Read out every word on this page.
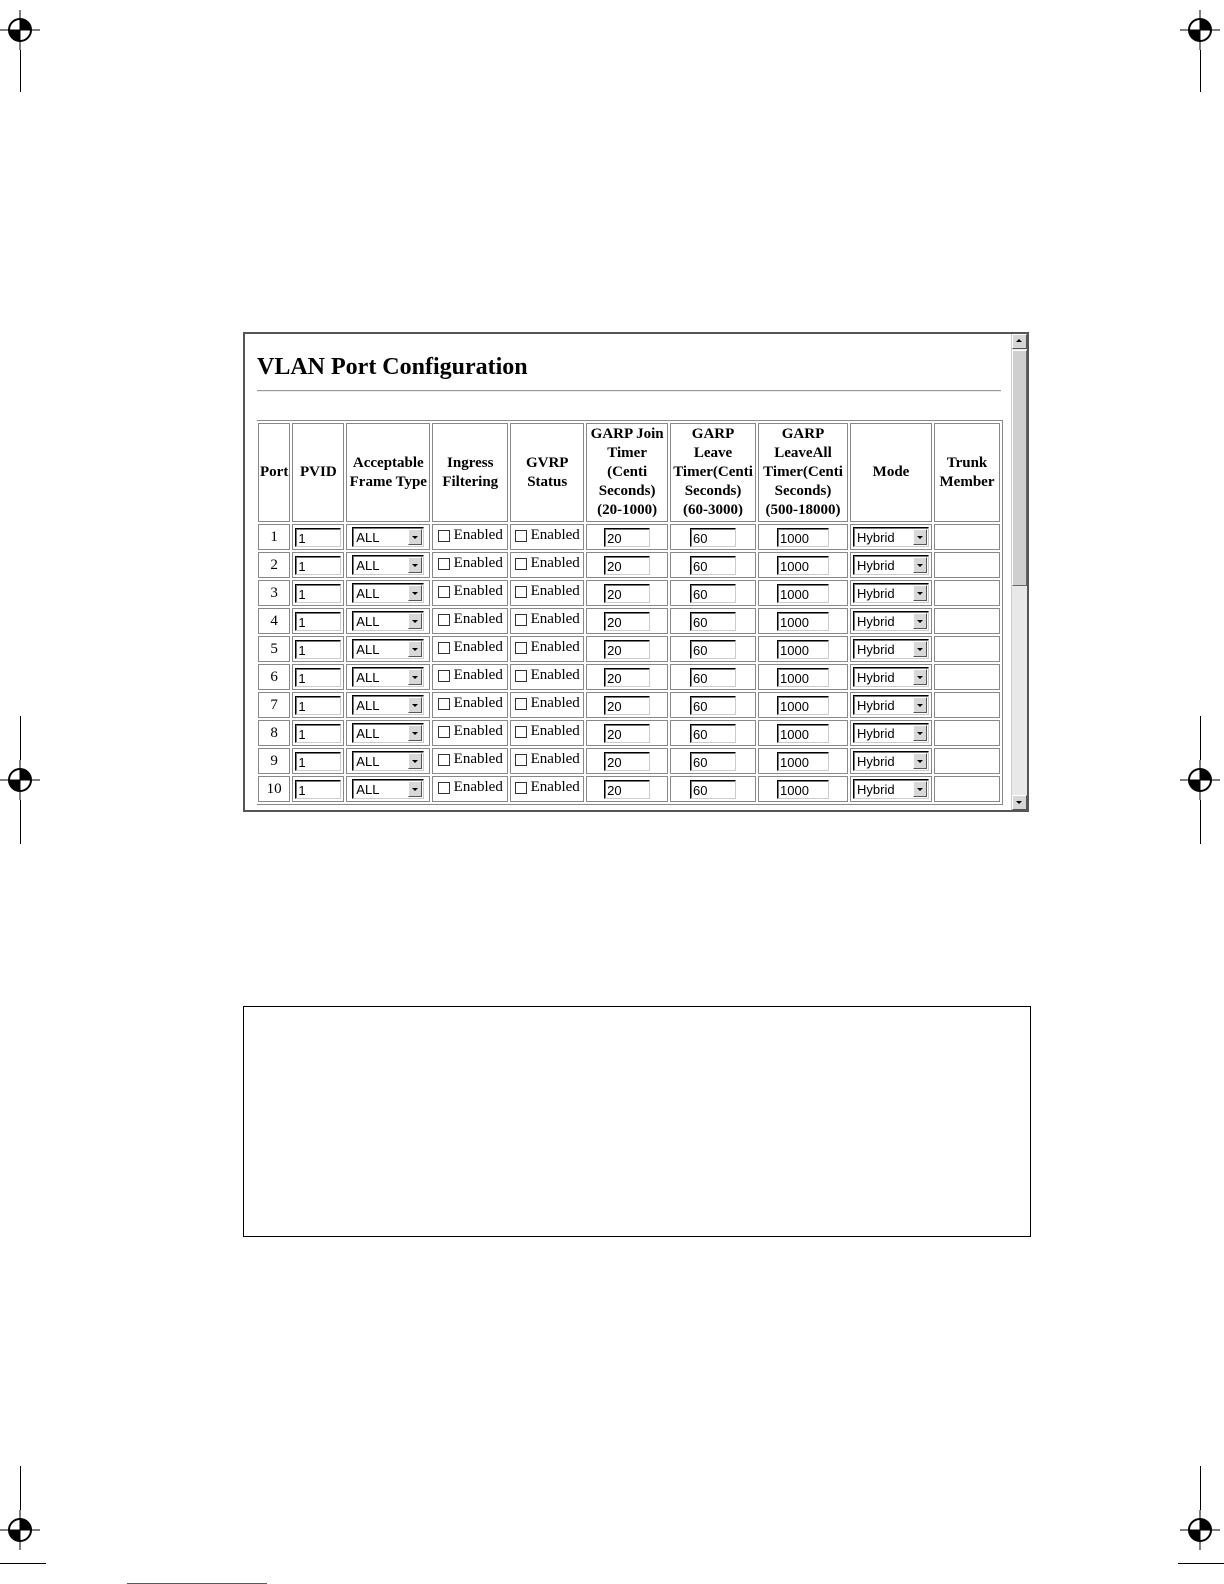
VLAN Port Configuration
Port	PVID	Acceptable
Frame Type	Ingress
Filtering	GVRP
Status	GARP Join
Timer
(Centi
Seconds)
(20-1000)	GARP
Leave
Timer(Centi
Seconds)
(60-3000)	GARP
LeaveAll
Timer(Centi
Seconds)
(500-18000)	Mode	Trunk
Member
1	1	ALL	Enabled	Enabled	20	60	1000	Hybrid	

2	1	ALL	Enabled	Enabled	20	60	1000	Hybrid	

3	1	ALL	Enabled	Enabled	20	60	1000	Hybrid	

4	1	ALL	Enabled	Enabled	20	60	1000	Hybrid	

5	1	ALL	Enabled	Enabled	20	60	1000	Hybrid	

6	1	ALL	Enabled	Enabled	20	60	1000	Hybrid	

7	1	ALL	Enabled	Enabled	20	60	1000	Hybrid	

8	1	ALL	Enabled	Enabled	20	60	1000	Hybrid	

9	1	ALL	Enabled	Enabled	20	60	1000	Hybrid	

10	1	ALL	Enabled	Enabled	20	60	1000	Hybrid	
